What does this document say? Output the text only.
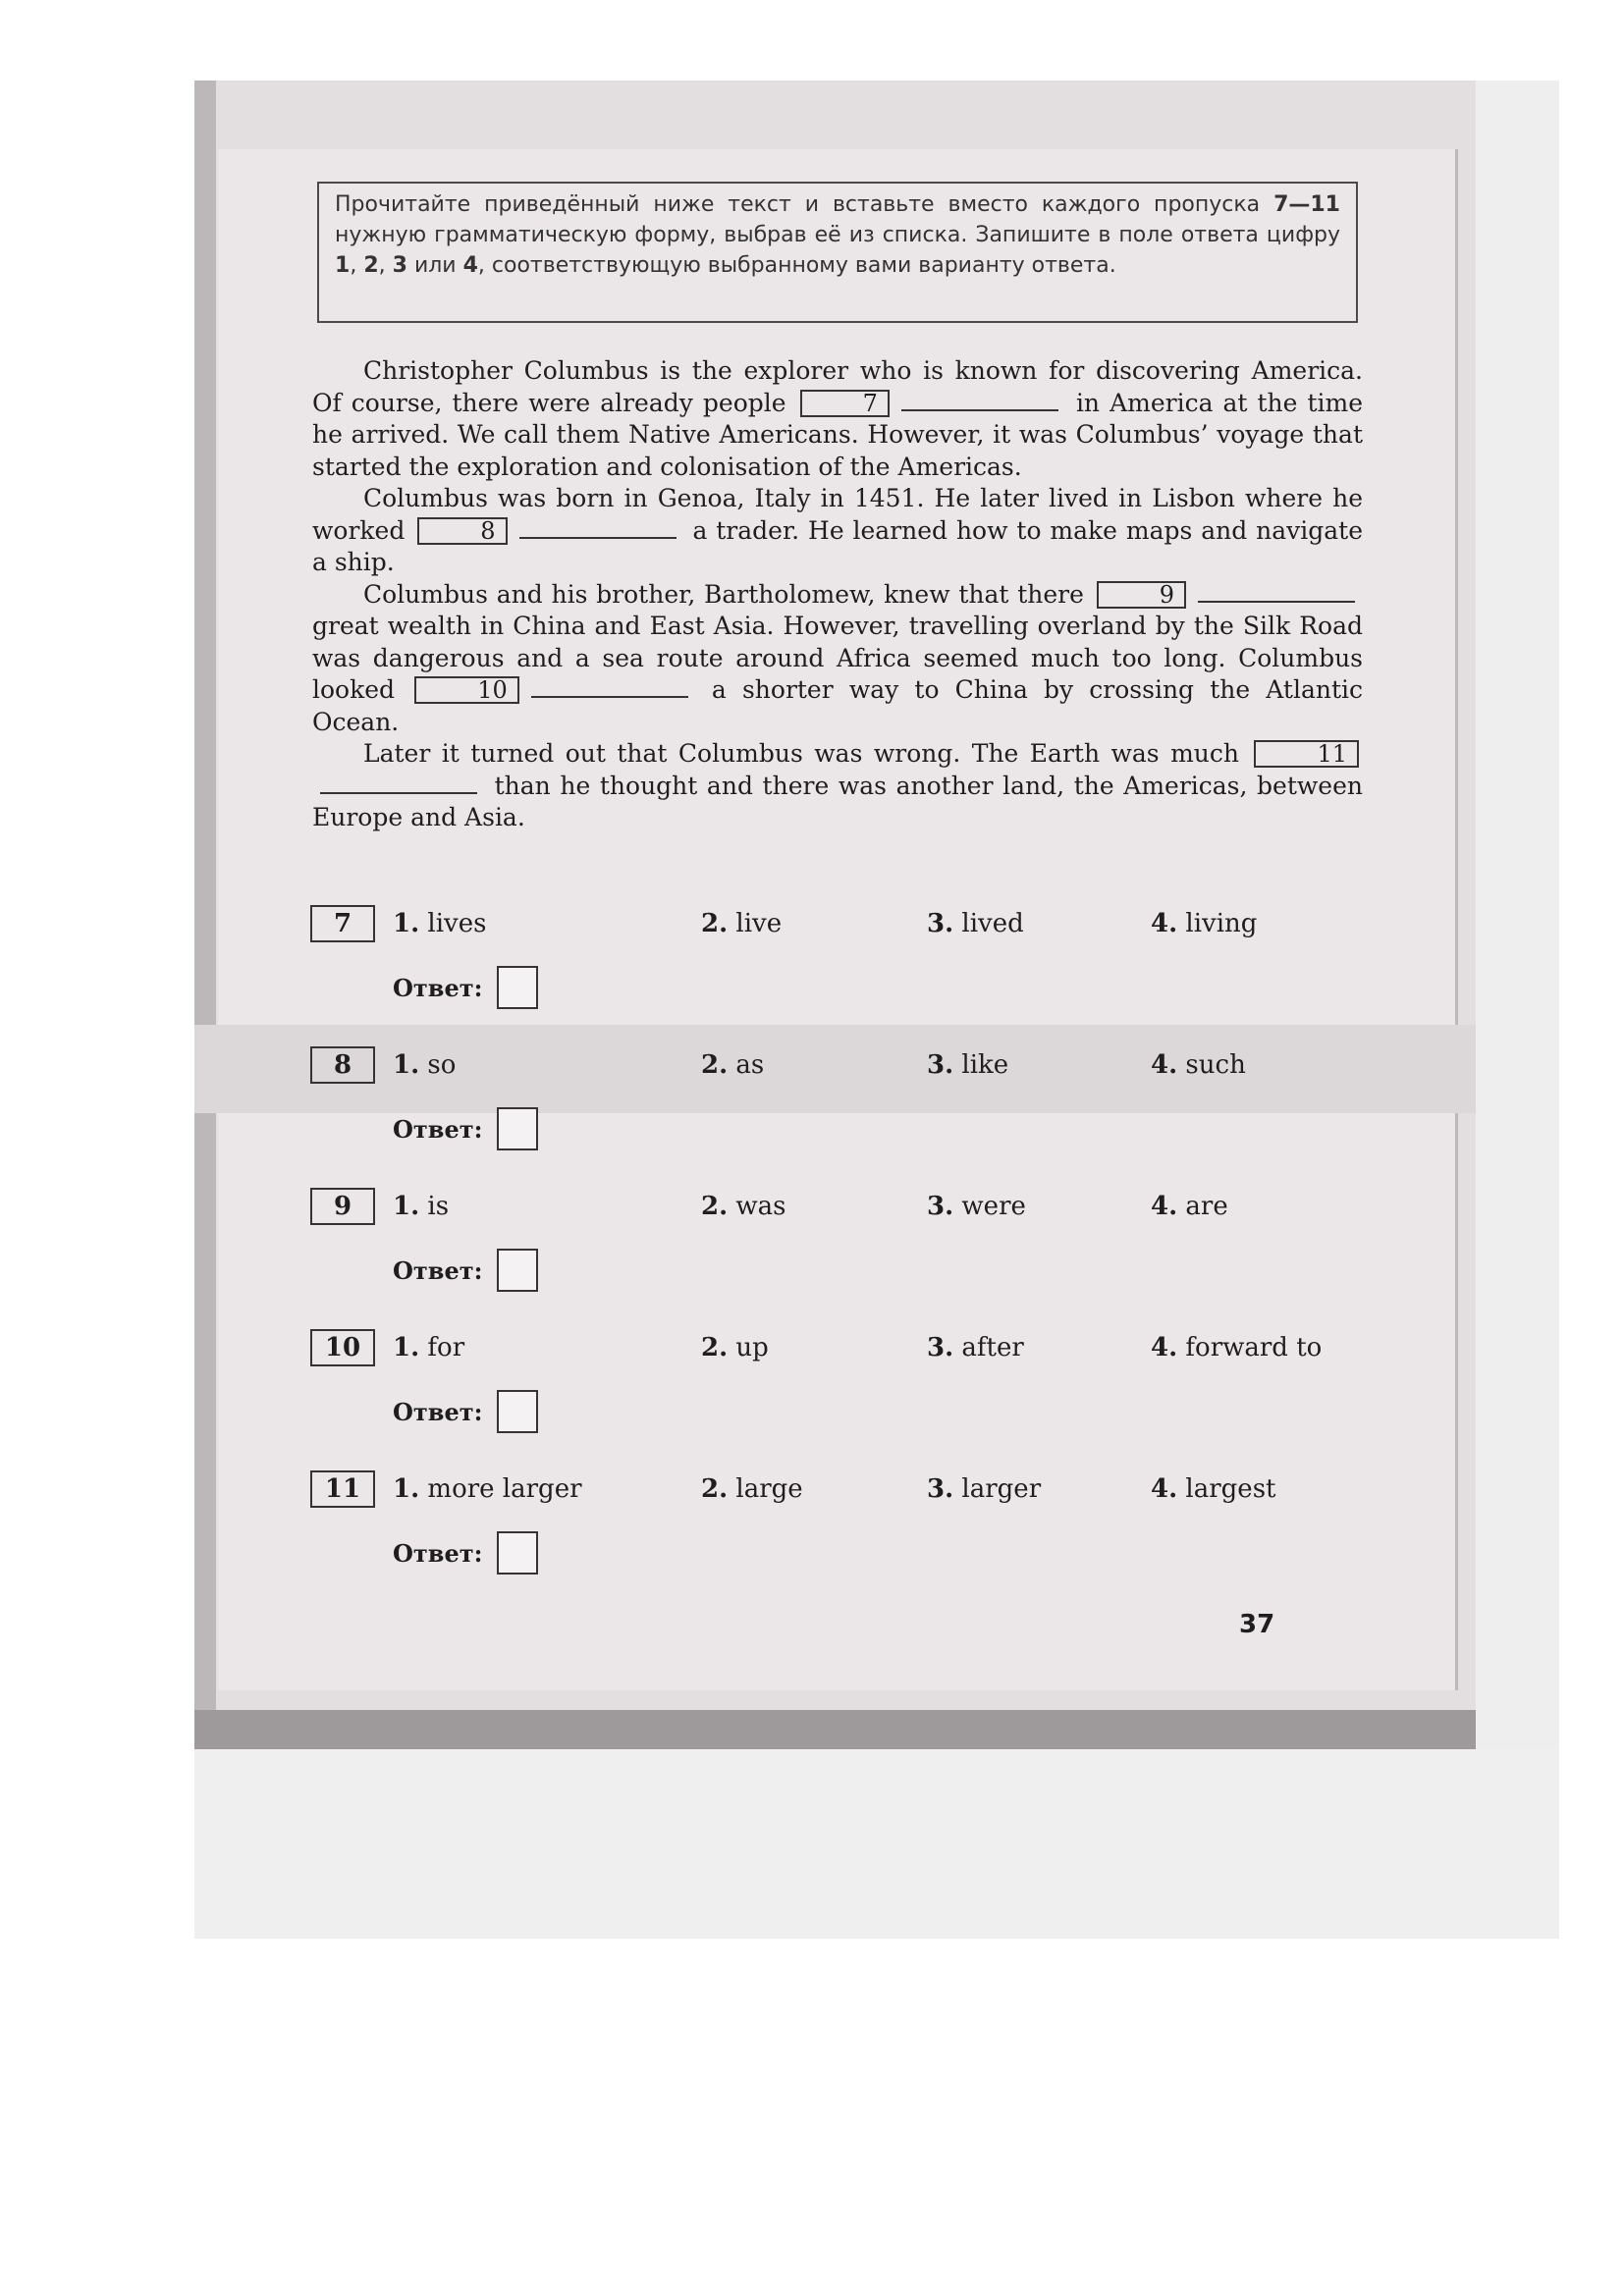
Прочитайте приведённый ниже текст и вставьте вместо каждого пропуска 7—11 нужную грамматическую форму, выбрав её из списка. Запишите в поле ответа цифру 1, 2, 3 или 4, соответствующую выбранному вами варианту ответа.

Christopher Columbus is the explorer who is known for discovering America. Of course, there were already people	7	in America at the time he arrived. We call them Native Americans. However, it was Columbus’ voyage that started the exploration and colonisation of the Americas.

Columbus was born in Genoa, Italy in 1451. He later lived in Lisbon where he worked	8	a trader. He learned how to make maps and navigate a ship.

Columbus and his brother, Bartholomew, knew that there	9 great wealth in China and East Asia. However, travelling overland by the Silk Road was dangerous and a sea route around Africa seemed much too long. Columbus looked	10	a shorter way to China by crossing the Atlantic Ocean.

Later it turned out that Columbus was wrong. The Earth was much	11 than he thought and there was another land, the Americas, between Europe and Asia.

7	1. lives	2. live	3. lived	4. living
Ответ:
8	1. so	2. as	3. like	4. such
Ответ:
9	1. is	2. was	3. were	4. are
Ответ:
10	1. for	2. up	3. after	4. forward to
Ответ:
11	1. more larger	2. large	3. larger	4. largest
Ответ:
37
